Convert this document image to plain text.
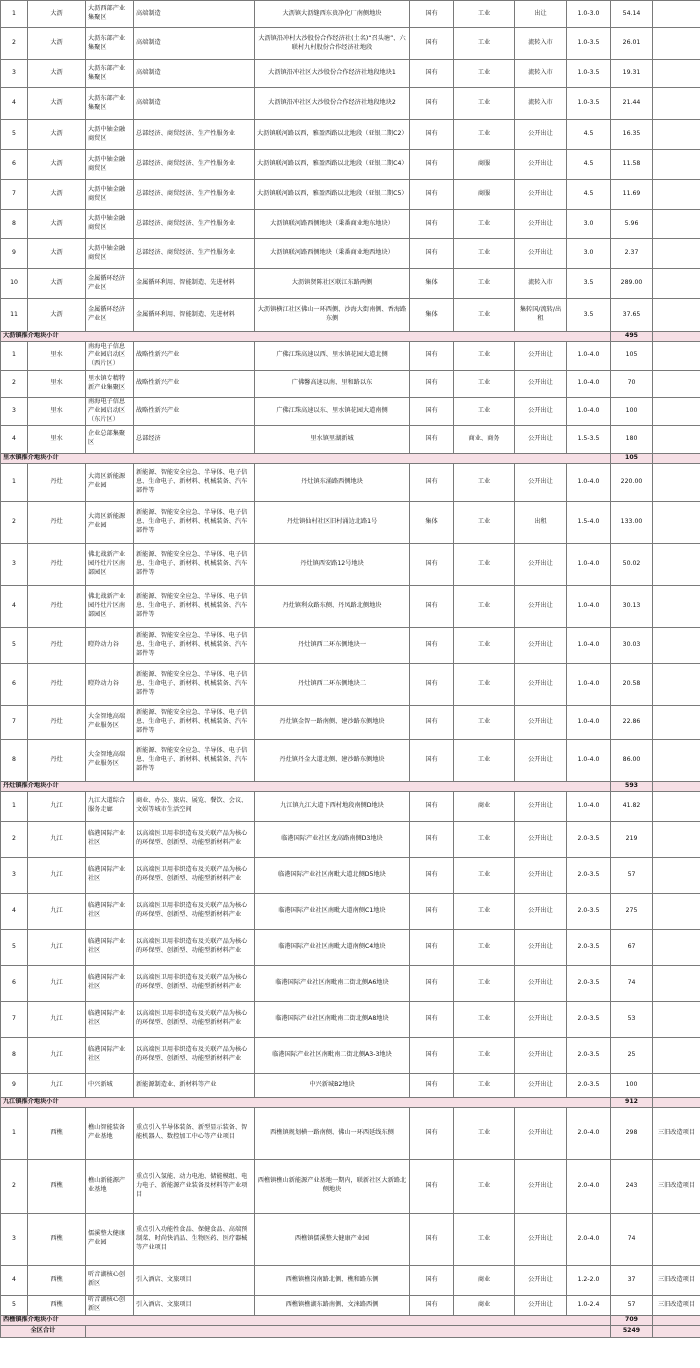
1	大沥	大沥西部产业集聚区	高端制造	大沥镇大沥缝西东贵净化厂南侧地块	国有	工业	出让	1.0-3.0	54.14	
2	大沥	大沥东部产业集聚区	高端制造	大沥镇沿冲村大沙股份合作经济社(土名)“召头塘”、六联村九村股份合作经济社地段	国有	工业	流转入市	1.0-3.5	26.01	
3	大沥	大沥东部产业集聚区	高端制造	大沥镇沿冲社区大沙股份合作经济社地段地块1	国有	工业	流转入市	1.0-3.5	19.31	
4	大沥	大沥东部产业集聚区	高端制造	大沥镇沿冲社区大沙股份合作经济社地段地块2	国有	工业	流转入市	1.0-3.5	21.44	
5	大沥	大沥中轴金融商贸区	总部经济、商贸经济、生产性服务业	大沥镇联河路以西，雅盈西路以北地段（亚银二期C2）	国有	工业	公开出让	4.5	16.35	
6	大沥	大沥中轴金融商贸区	总部经济、商贸经济、生产性服务业	大沥镇联河路以西，雅盈西路以北地段（亚银二期C4）	国有	商服	公开出让	4.5	11.58	
7	大沥	大沥中轴金融商贸区	总部经济、商贸经济、生产性服务业	大沥镇联河路以西，雅盈西路以北地段（亚银二期C5）	国有	商服	公开出让	4.5	11.69	
8	大沥	大沥中轴金融商贸区	总部经济、商贸经济、生产性服务业	大沥镇联河路西侧地块（秉番商业地东地块）	国有	工业	公开出让	3.0	5.96	
9	大沥	大沥中轴金融商贸区	总部经济、商贸经济、生产性服务业	大沥镇联河路西侧地块（秉番商业地西地块）	国有	工业	公开出让	3.0	2.37	
10	大沥	金属循环经济产业区	金属循环利用、智能制造、先进材料	大沥镇贤陈社区联江东路两侧	集体	工业	流转入市	3.5	289.00	
11	大沥	金属循环经济产业区	金属循环利用、智能制造、先进材料	大沥镇横江社区佛山一环西侧、沙海大街南侧、香海路东侧	集体	工业	集转国/流转/出租	3.5	37.65	
大沥镇推介地块小计									495	
1	里水	南海电子信息产业园启动区（西片区）	战略性新兴产业	广佛江珠高速以西、里水镇花园大道北侧	国有	工业	公开出让	1.0-4.0	105	
2	里水	里水镇专精特新产业集聚区	战略性新兴产业	广佛馨高速以南、里和路以东	国有	工业	公开出让	1.0-4.0	70	
3	里水	南海电子信息产业园启动区（东片区）	战略性新兴产业	广佛江珠高速以东、里水镇花园大道南侧	国有	工业	公开出让	1.0-4.0	100	
4	里水	企业总部集聚区	总部经济	里水镇里湖新城	国有	商业、商务	公开出让	1.5-3.5	180	
里水镇推介地块小计									105	
1	丹灶	大湾区新能源产业园	新能源、智能安全应急、半导体、电子信息、生命电子、新材料、机械装备、汽车部件等	丹灶镇东涌路西侧地块	国有	工业	公开出让	1.0-4.0	220.00	
2	丹灶	大湾区新能源产业园	新能源、智能安全应急、半导体、电子信息、生命电子、新材料、机械装备、汽车部件等	丹灶镇仙村社区旧村涌边北路1号	集体	工业	出租	1.5-4.0	133.00	
3	丹灶	佛北战新产业园丹灶片区南部园区	新能源、智能安全应急、半导体、电子信息、生命电子、新材料、机械装备、汽车部件等	丹灶镇西安路12号地块	国有	工业	公开出让	1.0-4.0	50.02	
4	丹灶	佛北战新产业园丹灶片区南部园区	新能源、智能安全应急、半导体、电子信息、生命电子、新材料、机械装备、汽车部件等	丹灶镇利众路东侧、丹凤路北侧地块	国有	工业	公开出让	1.0-4.0	30.13	
5	丹灶	瞪羚动力谷	新能源、智能安全应急、半导体、电子信息、生命电子、新材料、机械装备、汽车部件等	丹灶镇西二环东侧地块一	国有	工业	公开出让	1.0-4.0	30.03	
6	丹灶	瞪羚动力谷	新能源、智能安全应急、半导体、电子信息、生命电子、新材料、机械装备、汽车部件等	丹灶镇西二环东侧地块二	国有	工业	公开出让	1.0-4.0	20.58	
7	丹灶	大金智地高端产业服务区	新能源、智能安全应急、半导体、电子信息、生命电子、新材料、机械装备、汽车部件等	丹灶镇金智一路南侧、建沙路东侧地块	国有	工业	公开出让	1.0-4.0	22.86	
8	丹灶	大金智地高端产业服务区	新能源、智能安全应急、半导体、电子信息、生命电子、新材料、机械装备、汽车部件等	丹灶镇丹金大道北侧、建沙路东侧地块	国有	工业	公开出让	1.0-4.0	86.00	
丹灶镇推介地块小计									593	
1	九江	九江大道综合服务走廊	商业、办公、旅店、展览、餐饮、会议、文娱等城市生活空间	九江镇九江大道下西村地段南侧D地块	国有	商业	公开出让	1.0-4.0	41.82	
2	九江	临港国际产业社区	以高端医卫用非织造布及关联产品为核心的环保型、创新型、功能型新材料产业	临港国际产业社区龙高路南侧D3地块	国有	工业	公开出让	2.0-3.5	219	
3	九江	临港国际产业社区	以高端医卫用非织造布及关联产品为核心的环保型、创新型、功能型新材料产业	临港国际产业社区南毗大道北侧D5地块	国有	工业	公开出让	2.0-3.5	57	
4	九江	临港国际产业社区	以高端医卫用非织造布及关联产品为核心的环保型、创新型、功能型新材料产业	临港国际产业社区南毗大道南侧C1地块	国有	工业	公开出让	2.0-3.5	275	
5	九江	临港国际产业社区	以高端医卫用非织造布及关联产品为核心的环保型、创新型、功能型新材料产业	临港国际产业社区南毗大道南侧C4地块	国有	工业	公开出让	2.0-3.5	67	
6	九江	临港国际产业社区	以高端医卫用非织造布及关联产品为核心的环保型、创新型、功能型新材料产业	临港国际产业社区南毗南二街北侧A6地块	国有	工业	公开出让	2.0-3.5	74	
7	九江	临港国际产业社区	以高端医卫用非织造布及关联产品为核心的环保型、创新型、功能型新材料产业	临港国际产业社区南毗南二街北侧A8地块	国有	工业	公开出让	2.0-3.5	53	
8	九江	临港国际产业社区	以高端医卫用非织造布及关联产品为核心的环保型、创新型、功能型新材料产业	临港国际产业社区南毗南二街北侧A3-3地块	国有	工业	公开出让	2.0-3.5	25	
9	九江	中兴新城	新能源制造业、新材料等产业	中兴新城B2地块	国有	工业	公开出让	2.0-3.5	100	
九江镇推介地块小计									912	
1	西樵	樵山智能装备产业基地	重点引入半导体装备、新型显示装备、智能机器人、数控加工中心等产业项目	西樵镇规划横一路南侧、佛山一环西延线东侧	国有	工业	公开出让	2.0-4.0	298	三旧改造项目
2	西樵	樵山新能源产业基地	重点引入氢能、动力电池、储能模组、电力电子、新能源产业装备及材料等产业项目	西樵镇樵山新能源产业基地一期内，联新社区大新路北侧地块	国有	工业	公开出让	2.0-4.0	243	三旧改造项目
3	西樵	儒溪整大健康产业园	重点引入功能性食品、保健食品、高端预制菜、时尚快消品、生物医药、医疗器械等产业项目	西樵镇儒溪整大健康产业园	国有	工业	公开出让	2.0-4.0	74	
4	西樵	听音湖核心创新区	引入酒店、文旅项目	西樵镇樵岗南路北侧、樵和路东侧	国有	商业	公开出让	1.2-2.0	37	三旧改造项目
5	西樵	听音湖核心创新区	引入酒店、文旅项目	西樵镇樵湖东路南侧、文涞路西侧	国有	商业	公开出让	1.0-2.4	57	三旧改造项目
西樵镇推介地块小计									709	
全区合计									5249	
